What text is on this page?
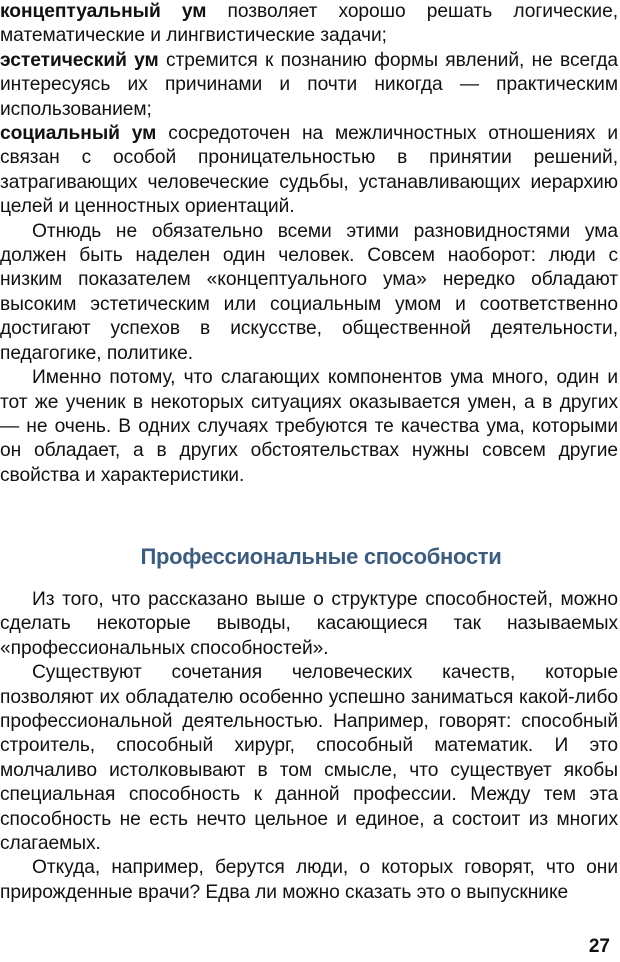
концептуальный ум позволяет хорошо решать логические, математические и лингвистические задачи;

эстетический ум стремится к познанию формы явлений, не всегда интересуясь их причинами и почти никогда — практическим использованием;

социальный ум сосредоточен на межличностных отношениях и связан с особой проницательностью в принятии решений, затрагивающих человеческие судьбы, устанавливающих иерархию целей и ценностных ориентаций.

Отнюдь не обязательно всеми этими разновидностями ума должен быть наделен один человек. Совсем наоборот: люди с низким показателем «концептуального ума» нередко обладают высоким эстетическим или социальным умом и соответственно достигают успехов в искусстве, общественной деятельности, педагогике, политике.

Именно потому, что слагающих компонентов ума много, один и тот же ученик в некоторых ситуациях оказывается умен, а в других — не очень. В одних случаях требуются те качества ума, которыми он обладает, а в других обстоятельствах нужны совсем другие свойства и характеристики.

Профессиональные способности

Из того, что рассказано выше о структуре способностей, можно сделать некоторые выводы, касающиеся так называемых «профессиональных способностей».

Существуют сочетания человеческих качеств, которые позволяют их обладателю особенно успешно заниматься какой-либо профессиональной деятельностью. Например, говорят: способный строитель, способный хирург, способный математик. И это молчаливо истолковывают в том смысле, что существует якобы специальная способность к данной профессии. Между тем эта способность не есть нечто цельное и единое, а состоит из многих слагаемых.

Откуда, например, берутся люди, о которых говорят, что они прирожденные врачи? Едва ли можно сказать это о выпускнике

27
